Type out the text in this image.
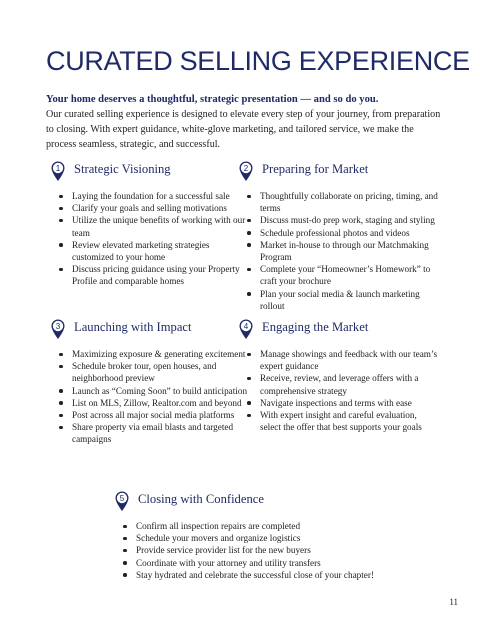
CURATED SELLING EXPERIENCE
Your home deserves a thoughtful, strategic presentation — and so do you.
Our curated selling experience is designed to elevate every step of your journey, from preparation to closing. With expert guidance, white-glove marketing, and tailored service, we make the process seamless, strategic, and successful.
1 Strategic Visioning
Laying the foundation for a successful sale
Clarify your goals and selling motivations
Utilize the unique benefits of working with our team
Review elevated marketing strategies customized to your home
Discuss pricing guidance using your Property Profile and comparable homes
2 Preparing for Market
Thoughtfully collaborate on pricing, timing, and terms
Discuss must-do prep work, staging and styling
Schedule professional photos and videos
Market in-house to through our Matchmaking Program
Complete your “Homeowner’s Homework” to craft your brochure
Plan your social media & launch marketing rollout
3 Launching with Impact
Maximizing exposure & generating excitement
Schedule broker tour, open houses, and neighborhood preview
Launch as “Coming Soon” to build anticipation
List on MLS, Zillow, Realtor.com and beyond
Post across all major social media platforms
Share property via email blasts and targeted campaigns
4 Engaging the Market
Manage showings and feedback with our team’s expert guidance
Receive, review, and leverage offers with a comprehensive strategy
Navigate inspections and terms with ease
With expert insight and careful evaluation, select the offer that best supports your goals
5 Closing with Confidence
Confirm all inspection repairs are completed
Schedule your movers and organize logistics
Provide service provider list for the new buyers
Coordinate with your attorney and utility transfers
Stay hydrated and celebrate the successful close of your chapter!
11
